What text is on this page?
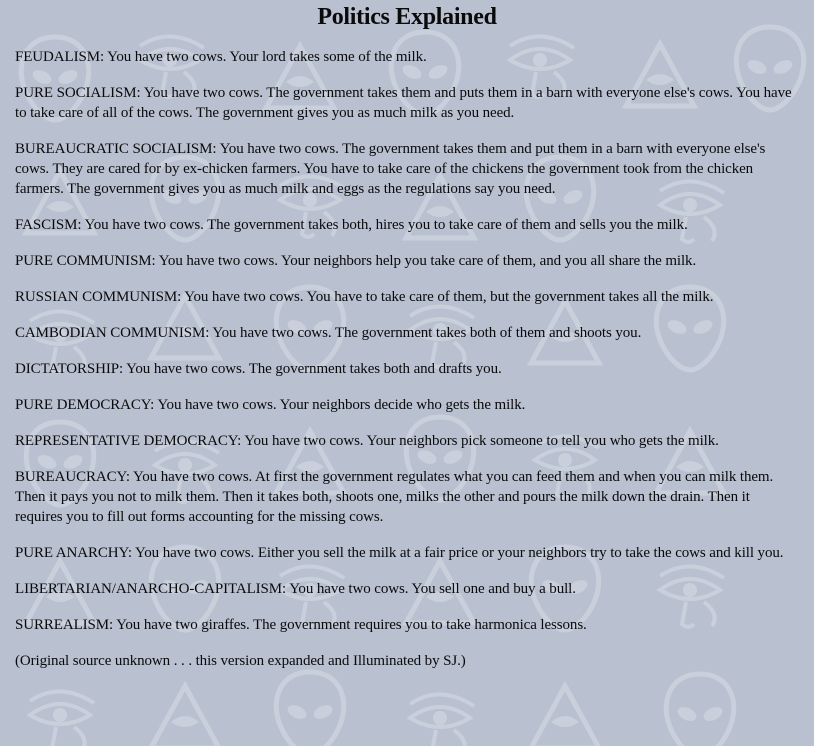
Politics Explained

FEUDALISM: You have two cows. Your lord takes some of the milk.

PURE SOCIALISM: You have two cows. The government takes them and puts them in a barn with everyone else's cows. You have to take care of all of the cows. The government gives you as much milk as you need.

BUREAUCRATIC SOCIALISM: You have two cows. The government takes them and put them in a barn with everyone else's cows. They are cared for by ex-chicken farmers. You have to take care of the chickens the government took from the chicken farmers. The government gives you as much milk and eggs as the regulations say you need.

FASCISM: You have two cows. The government takes both, hires you to take care of them and sells you the milk.

PURE COMMUNISM: You have two cows. Your neighbors help you take care of them, and you all share the milk.

RUSSIAN COMMUNISM: You have two cows. You have to take care of them, but the government takes all the milk.

CAMBODIAN COMMUNISM: You have two cows. The government takes both of them and shoots you.

DICTATORSHIP: You have two cows. The government takes both and drafts you.

PURE DEMOCRACY: You have two cows. Your neighbors decide who gets the milk.

REPRESENTATIVE DEMOCRACY: You have two cows. Your neighbors pick someone to tell you who gets the milk.

BUREAUCRACY: You have two cows. At first the government regulates what you can feed them and when you can milk them. Then it pays you not to milk them. Then it takes both, shoots one, milks the other and pours the milk down the drain. Then it requires you to fill out forms accounting for the missing cows.

PURE ANARCHY: You have two cows. Either you sell the milk at a fair price or your neighbors try to take the cows and kill you.

LIBERTARIAN/ANARCHO-CAPITALISM: You have two cows. You sell one and buy a bull.

SURREALISM: You have two giraffes. The government requires you to take harmonica lessons.

(Original source unknown . . . this version expanded and Illuminated by SJ.)
